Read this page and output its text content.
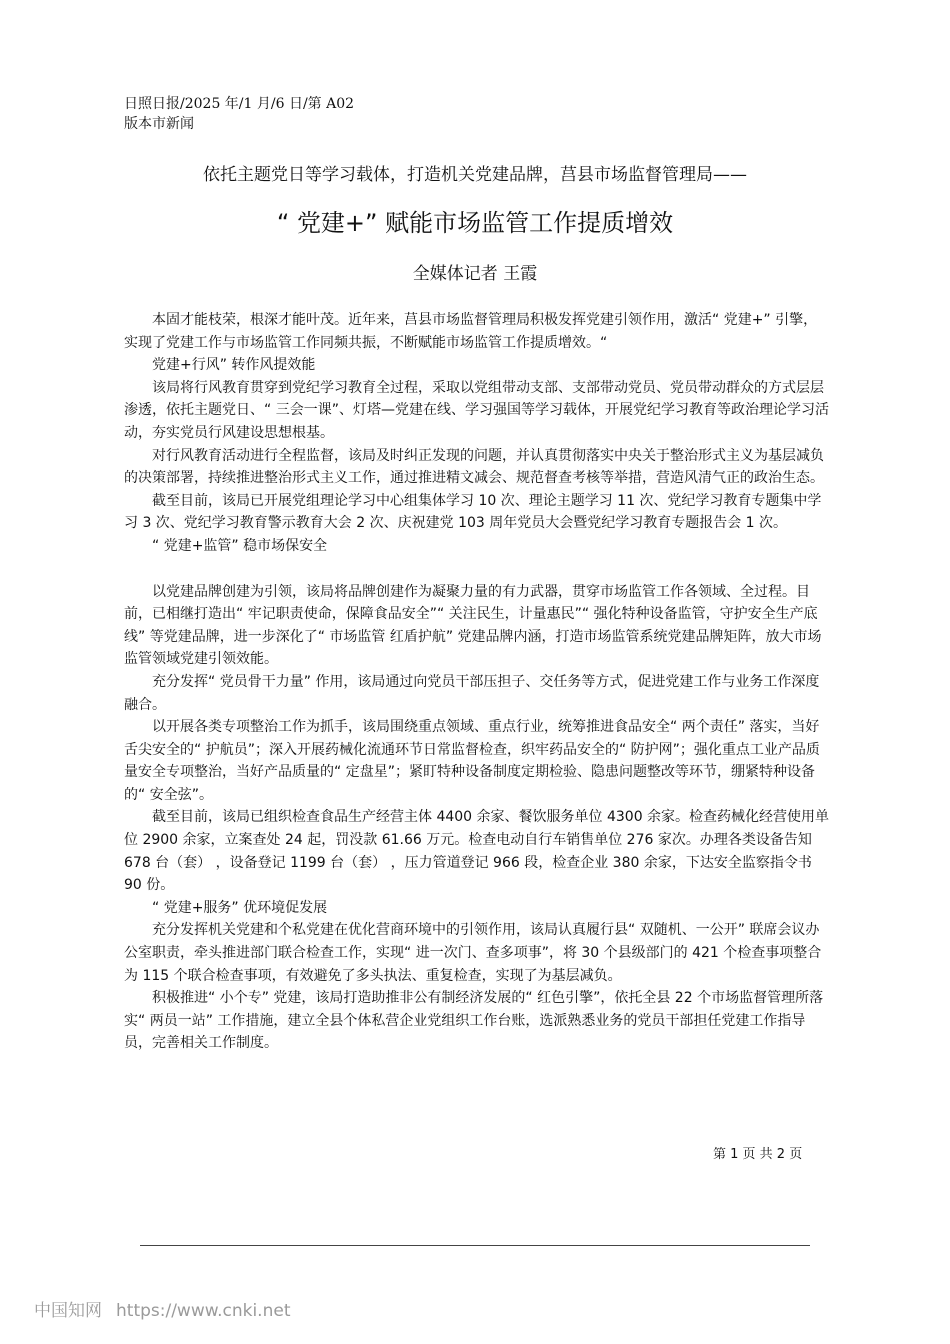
日照日报/2025 年/1 月/6 日/第 A02
版本市新闻
依托主题党日等学习载体，打造机关党建品牌，莒县市场监督管理局——
“ 党建+” 赋能市场监管工作提质增效
全媒体记者 王霞

本固才能枝荣，根深才能叶茂。近年来，莒县市场监督管理局积极发挥党建引领作用，激活“ 党建+” 引擎，实现了党建工作与市场监管工作同频共振，不断赋能市场监管工作提质增效。“

党建+行风” 转作风提效能

该局将行风教育贯穿到党纪学习教育全过程，采取以党组带动支部、支部带动党员、党员带动群众的方式层层渗透，依托主题党日、“ 三会一课”、灯塔—党建在线、学习强国等学习载体，开展党纪学习教育等政治理论学习活动，夯实党员行风建设思想根基。

对行风教育活动进行全程监督，该局及时纠正发现的问题，并认真贯彻落实中央关于整治形式主义为基层减负的决策部署，持续推进整治形式主义工作，通过推进精文减会、规范督查考核等举措，营造风清气正的政治生态。

截至目前，该局已开展党组理论学习中心组集体学习 10 次、理论主题学习 11 次、党纪学习教育专题集中学习 3 次、党纪学习教育警示教育大会 2 次、庆祝建党 103 周年党员大会暨党纪学习教育专题报告会 1 次。

“ 党建+监管” 稳市场保安全

以党建品牌创建为引领，该局将品牌创建作为凝聚力量的有力武器，贯穿市场监管工作各领域、全过程。目前，已相继打造出“ 牢记职责使命，保障食品安全”“ 关注民生，计量惠民”“ 强化特种设备监管，守护安全生产底线” 等党建品牌，进一步深化了“ 市场监管 红盾护航” 党建品牌内涵，打造市场监管系统党建品牌矩阵，放大市场监管领域党建引领效能。

充分发挥“ 党员骨干力量” 作用，该局通过向党员干部压担子、交任务等方式，促进党建工作与业务工作深度融合。

以开展各类专项整治工作为抓手，该局围绕重点领域、重点行业，统筹推进食品安全“ 两个责任” 落实，当好舌尖安全的“ 护航员”；深入开展药械化流通环节日常监督检查，织牢药品安全的“ 防护网”；强化重点工业产品质量安全专项整治，当好产品质量的“ 定盘星”；紧盯特种设备制度定期检验、隐患问题整改等环节，绷紧特种设备的“ 安全弦”。

截至目前，该局已组织检查食品生产经营主体 4400 余家、餐饮服务单位 4300 余家。检查药械化经营使用单位 2900 余家，立案查处 24 起，罚没款 61.66 万元。检查电动自行车销售单位 276 家次。办理各类设备告知 678 台（套） ，设备登记 1199 台（套） ，压力管道登记 966 段，检查企业 380 余家，下达安全监察指令书 90 份。

“ 党建+服务” 优环境促发展

充分发挥机关党建和个私党建在优化营商环境中的引领作用，该局认真履行县“ 双随机、一公开” 联席会议办公室职责，牵头推进部门联合检查工作，实现“ 进一次门、查多项事”，将 30 个县级部门的 421 个检查事项整合为 115 个联合检查事项，有效避免了多头执法、重复检查，实现了为基层减负。

积极推进“ 小个专” 党建，该局打造助推非公有制经济发展的“ 红色引擎”，依托全县 22 个市场监督管理所落实“ 两员一站” 工作措施，建立全县个体私营企业党组织工作台账，选派熟悉业务的党员干部担任党建工作指导员，完善相关工作制度。

第 1 页 共 2 页
中国知网 https://www.cnki.net
